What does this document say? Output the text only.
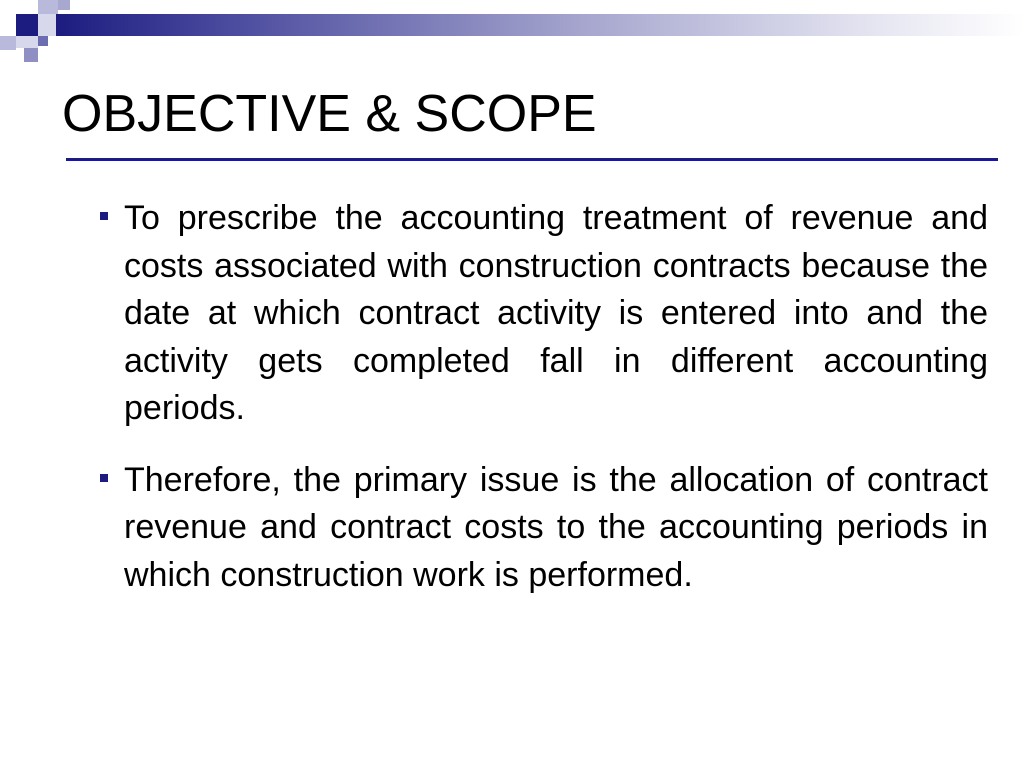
OBJECTIVE & SCOPE

To prescribe the accounting treatment of revenue and costs associated with construction contracts because the date at which contract activity is entered into and the activity gets completed fall in different accounting periods.

Therefore, the primary issue is the allocation of contract revenue and contract costs to the accounting periods in which construction work is performed.
